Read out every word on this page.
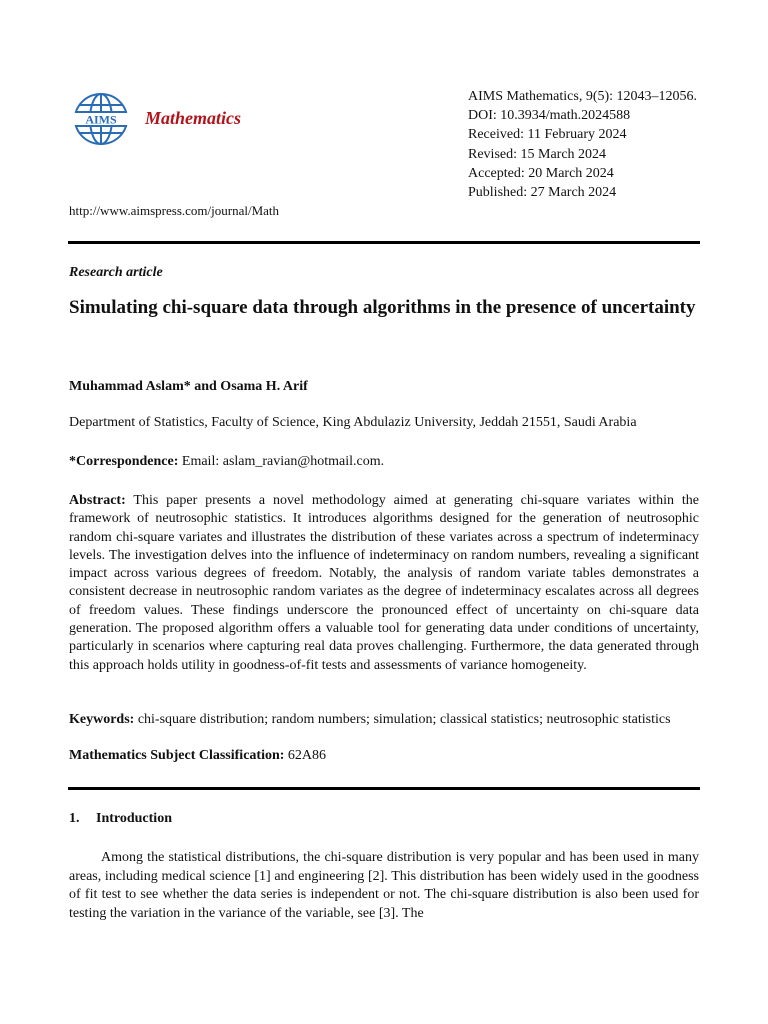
AIMS Mathematics
AIMS Mathematics, 9(5): 12043–12056.
DOI: 10.3934/math.2024588
Received: 11 February 2024
Revised: 15 March 2024
Accepted: 20 March 2024
Published: 27 March 2024
http://www.aimspress.com/journal/Math
Research article
Simulating chi-square data through algorithms in the presence of uncertainty
Muhammad Aslam* and Osama H. Arif
Department of Statistics, Faculty of Science, King Abdulaziz University, Jeddah 21551, Saudi Arabia
*Correspondence: Email: aslam_ravian@hotmail.com.
Abstract: This paper presents a novel methodology aimed at generating chi-square variates within the framework of neutrosophic statistics. It introduces algorithms designed for the generation of neutrosophic random chi-square variates and illustrates the distribution of these variates across a spectrum of indeterminacy levels. The investigation delves into the influence of indeterminacy on random numbers, revealing a significant impact across various degrees of freedom. Notably, the analysis of random variate tables demonstrates a consistent decrease in neutrosophic random variates as the degree of indeterminacy escalates across all degrees of freedom values. These findings underscore the pronounced effect of uncertainty on chi-square data generation. The proposed algorithm offers a valuable tool for generating data under conditions of uncertainty, particularly in scenarios where capturing real data proves challenging. Furthermore, the data generated through this approach holds utility in goodness-of-fit tests and assessments of variance homogeneity.
Keywords: chi-square distribution; random numbers; simulation; classical statistics; neutrosophic statistics
Mathematics Subject Classification: 62A86
1. Introduction
Among the statistical distributions, the chi-square distribution is very popular and has been used in many areas, including medical science [1] and engineering [2]. This distribution has been widely used in the goodness of fit test to see whether the data series is independent or not. The chi-square distribution is also been used for testing the variation in the variance of the variable, see [3]. The
